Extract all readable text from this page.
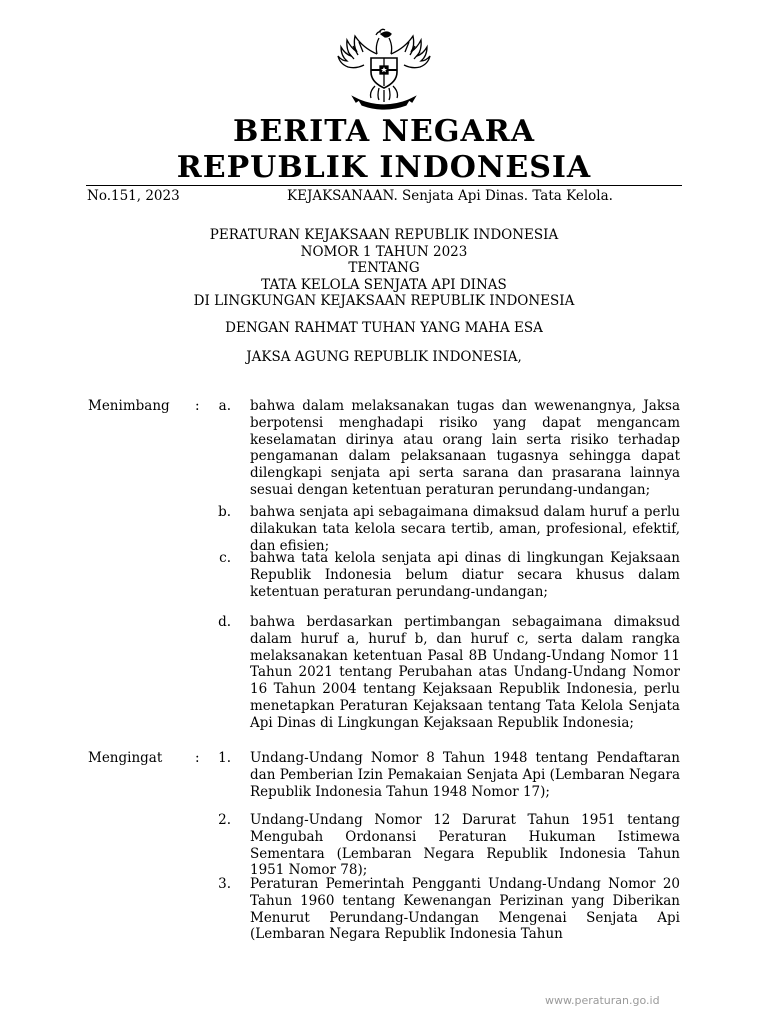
BERITA NEGARA
REPUBLIK INDONESIA
No.151, 2023	KEJAKSANAAN. Senjata Api Dinas. Tata Kelola.
PERATURAN KEJAKSAAN REPUBLIK INDONESIA
NOMOR 1 TAHUN 2023
TENTANG
TATA KELOLA SENJATA API DINAS
DI LINGKUNGAN KEJAKSAAN REPUBLIK INDONESIA
DENGAN RAHMAT TUHAN YANG MAHA ESA
JAKSA AGUNG REPUBLIK INDONESIA,
Menimbang :	a. bahwa dalam melaksanakan tugas dan wewenangnya, Jaksa berpotensi menghadapi risiko yang dapat mengancam keselamatan dirinya atau orang lain serta risiko terhadap pengamanan dalam pelaksanaan tugasnya sehingga dapat dilengkapi senjata api serta sarana dan prasarana lainnya sesuai dengan ketentuan peraturan perundang-undangan;
b. bahwa senjata api sebagaimana dimaksud dalam huruf a perlu dilakukan tata kelola secara tertib, aman, profesional, efektif, dan efisien;
c. bahwa tata kelola senjata api dinas di lingkungan Kejaksaan Republik Indonesia belum diatur secara khusus dalam ketentuan peraturan perundang-undangan;
d. bahwa berdasarkan pertimbangan sebagaimana dimaksud dalam huruf a, huruf b, dan huruf c, serta dalam rangka melaksanakan ketentuan Pasal 8B Undang-Undang Nomor 11 Tahun 2021 tentang Perubahan atas Undang-Undang Nomor 16 Tahun 2004 tentang Kejaksaan Republik Indonesia, perlu menetapkan Peraturan Kejaksaan tentang Tata Kelola Senjata Api Dinas di Lingkungan Kejaksaan Republik Indonesia;
Mengingat :	1. Undang-Undang Nomor 8 Tahun 1948 tentang Pendaftaran dan Pemberian Izin Pemakaian Senjata Api (Lembaran Negara Republik Indonesia Tahun 1948 Nomor 17);
2. Undang-Undang Nomor 12 Darurat Tahun 1951 tentang Mengubah Ordonansi Peraturan Hukuman Istimewa Sementara (Lembaran Negara Republik Indonesia Tahun 1951 Nomor 78);
3. Peraturan Pemerintah Pengganti Undang-Undang Nomor 20 Tahun 1960 tentang Kewenangan Perizinan yang Diberikan Menurut Perundang-Undangan Mengenai Senjata Api (Lembaran Negara Republik Indonesia Tahun
www.peraturan.go.id
